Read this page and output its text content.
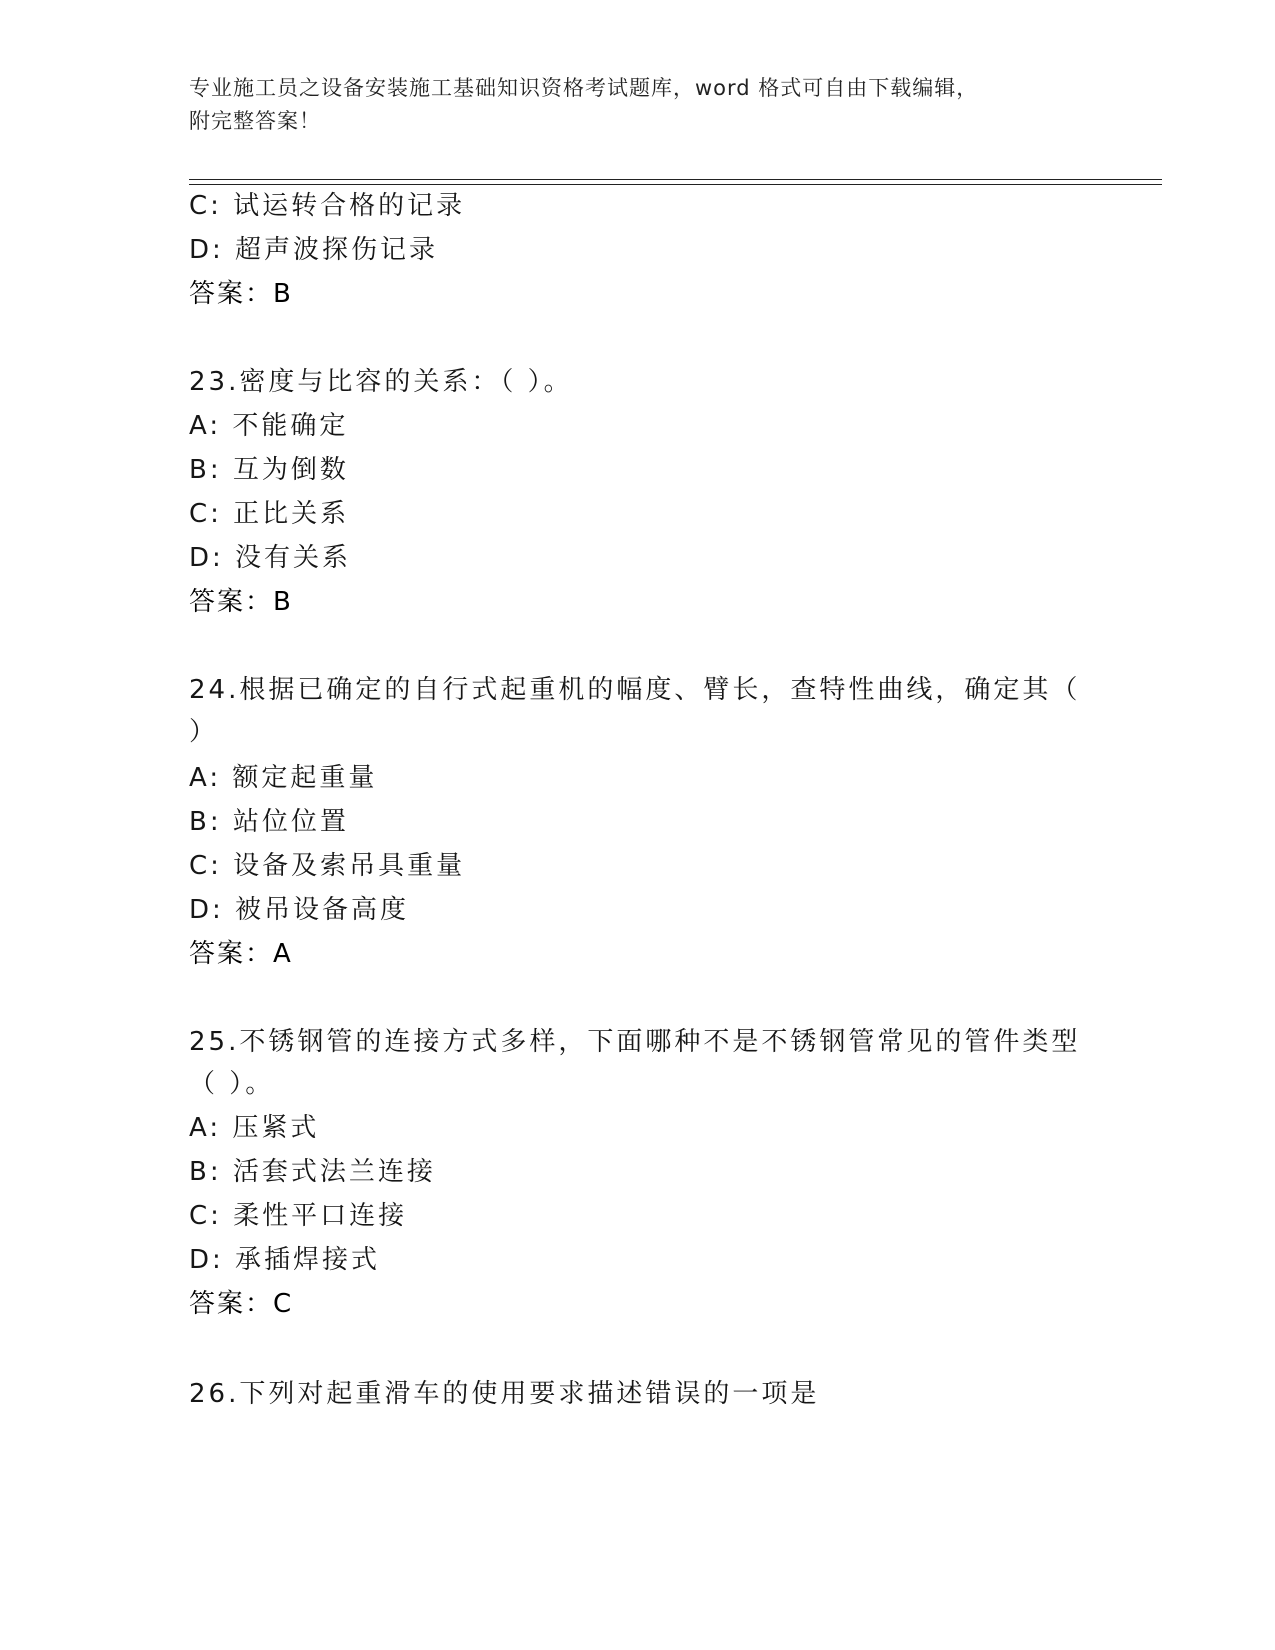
专业施工员之设备安装施工基础知识资格考试题库，word 格式可自由下载编辑，
附完整答案！
C: 试运转合格的记录
D: 超声波探伤记录
答案：B
23.密度与比容的关系：（ ）。
A: 不能确定
B: 互为倒数
C: 正比关系
D: 没有关系
答案：B
24.根据已确定的自行式起重机的幅度、臂长，查特性曲线，确定其（
）
A: 额定起重量
B: 站位位置
C: 设备及索吊具重量
D: 被吊设备高度
答案：A
25.不锈钢管的连接方式多样，下面哪种不是不锈钢管常见的管件类型
（ ）。
A: 压紧式
B: 活套式法兰连接
C: 柔性平口连接
D: 承插焊接式
答案：C
26.下列对起重滑车的使用要求描述错误的一项是
